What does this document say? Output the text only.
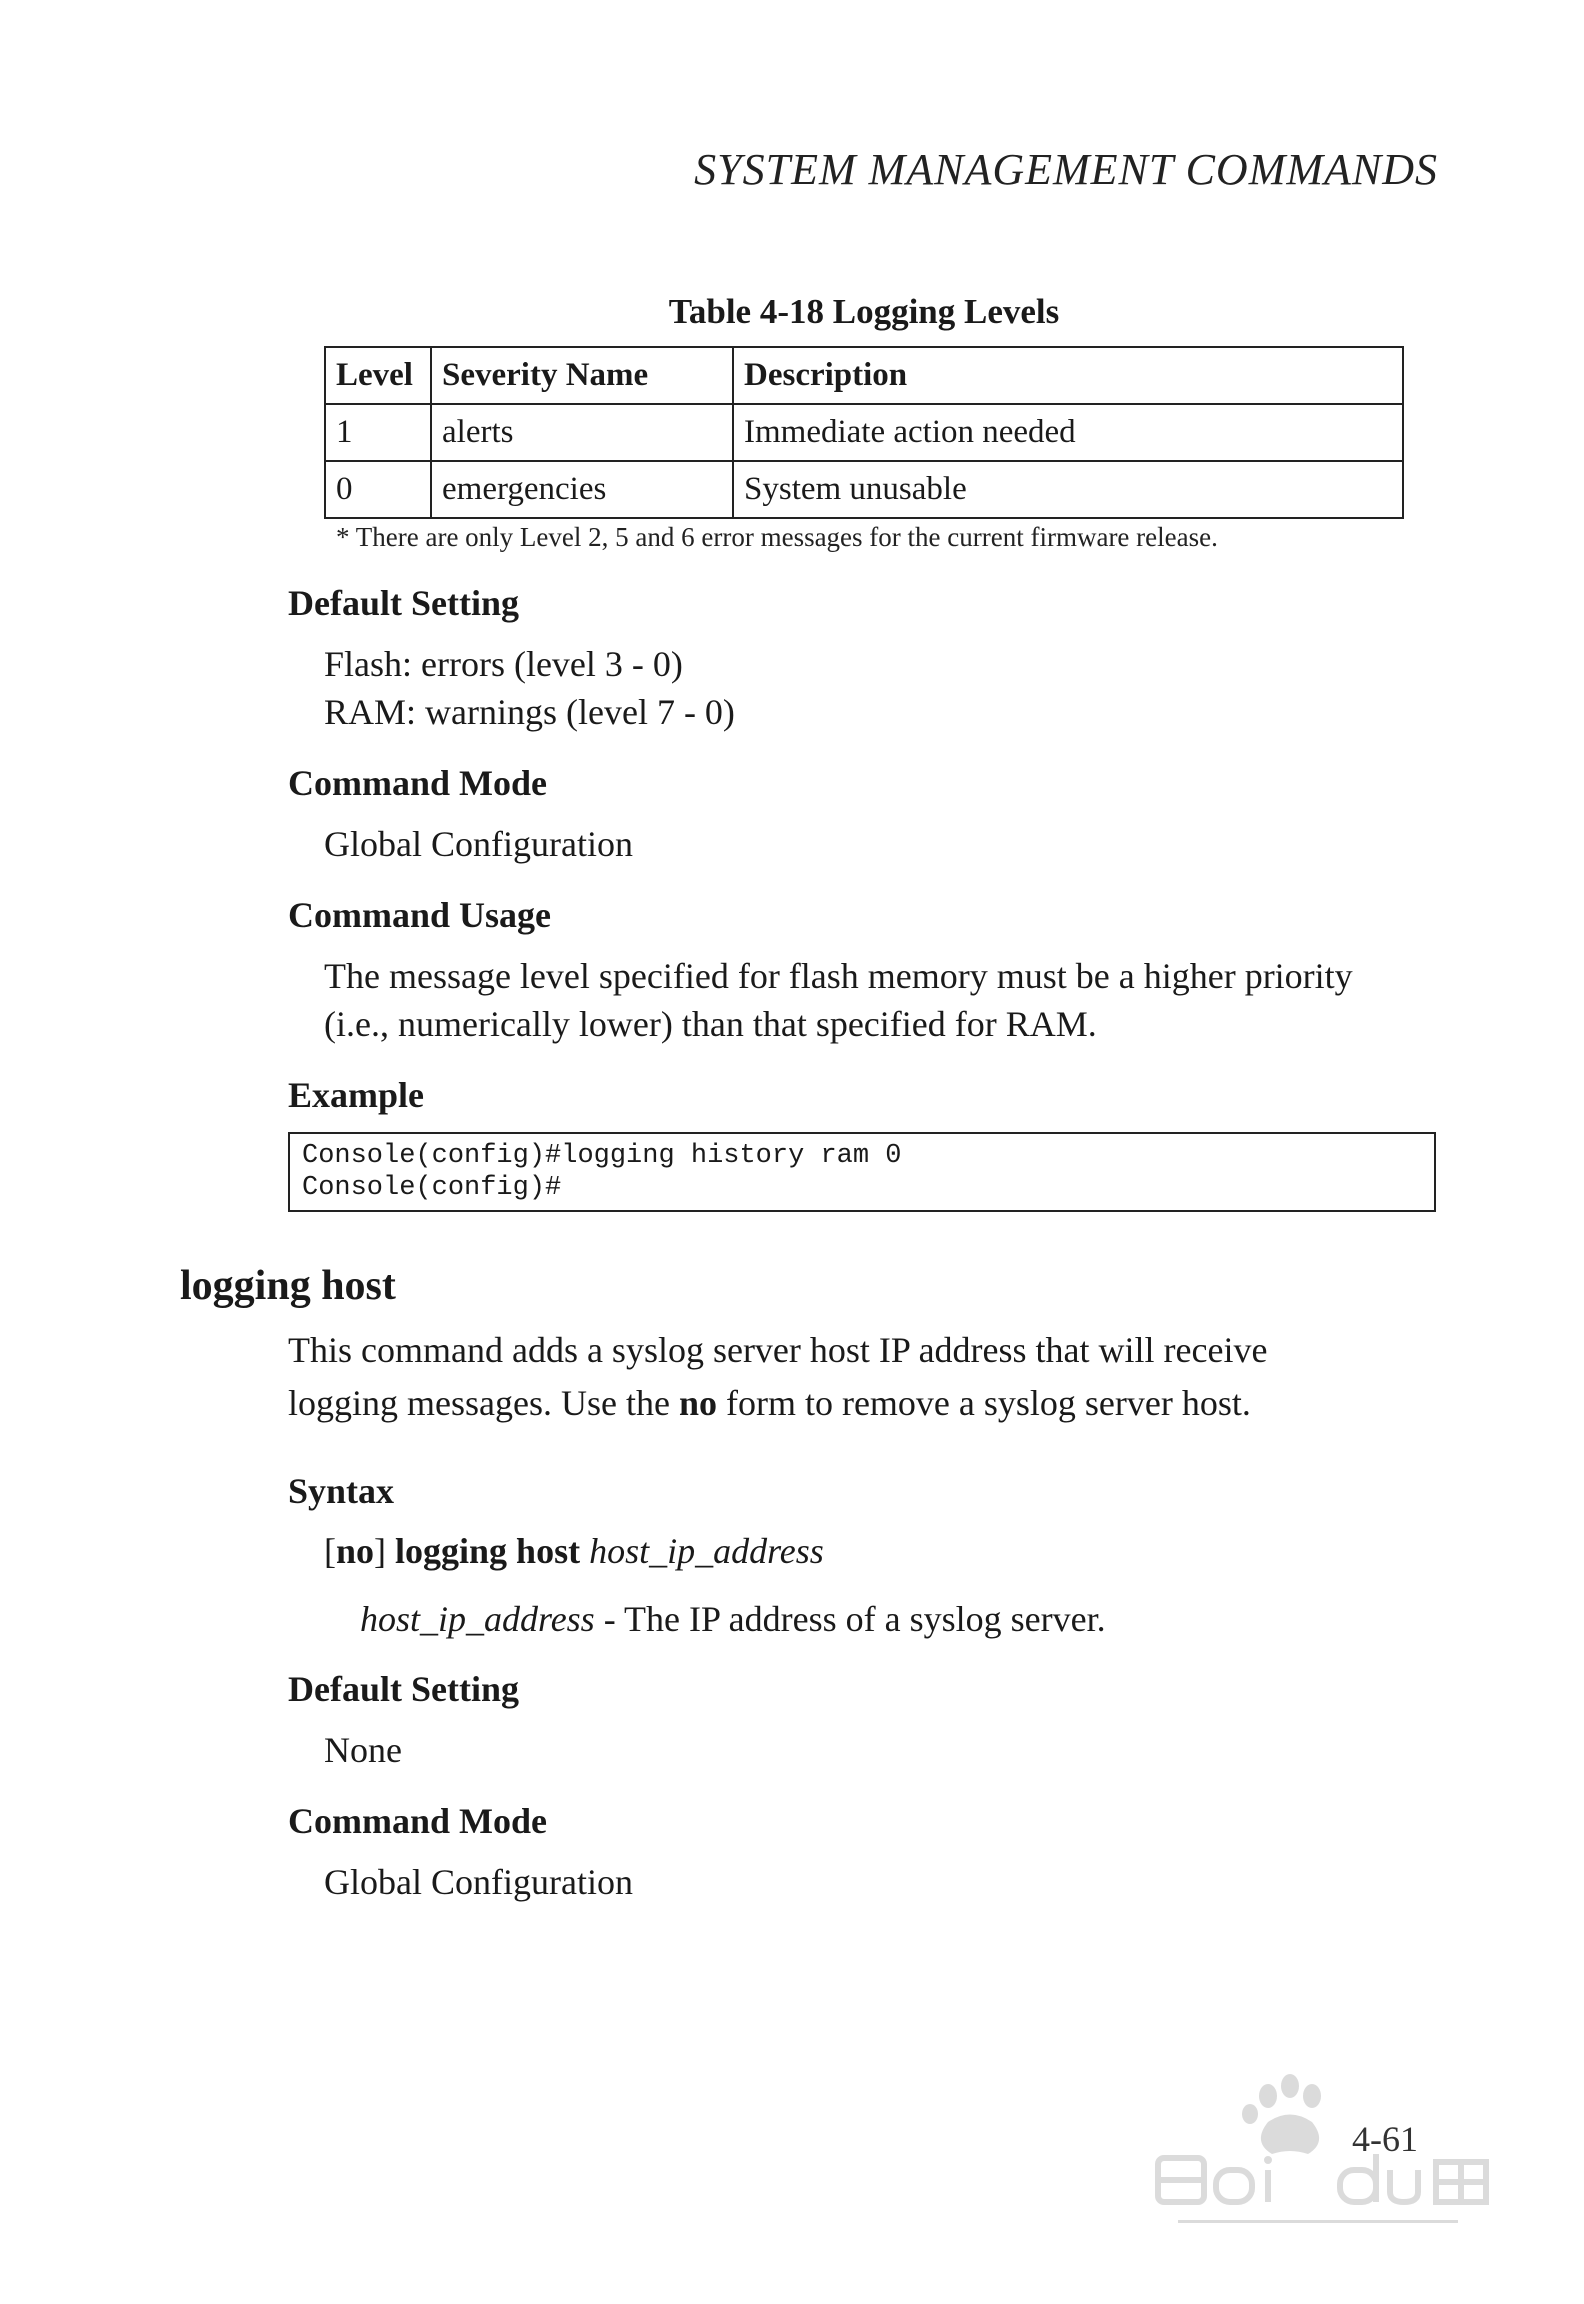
SYSTEM MANAGEMENT COMMANDS
Table 4-18 Logging Levels
Level	Severity Name	Description
1	alerts	Immediate action needed
0	emergencies	System unusable
* There are only Level 2, 5 and 6 error messages for the current firmware release.
Default Setting
Flash: errors (level 3 - 0)
RAM: warnings (level 7 - 0)
Command Mode
Global Configuration
Command Usage
The message level specified for flash memory must be a higher priority
(i.e., numerically lower) than that specified for RAM.
Example
Console(config)#logging history ram 0
Console(config)#
logging host
This command adds a syslog server host IP address that will receive
logging messages. Use the no form to remove a syslog server host.
Syntax
[no] logging host host_ip_address
host_ip_address - The IP address of a syslog server.
Default Setting
None
Command Mode
Global Configuration
4-61
